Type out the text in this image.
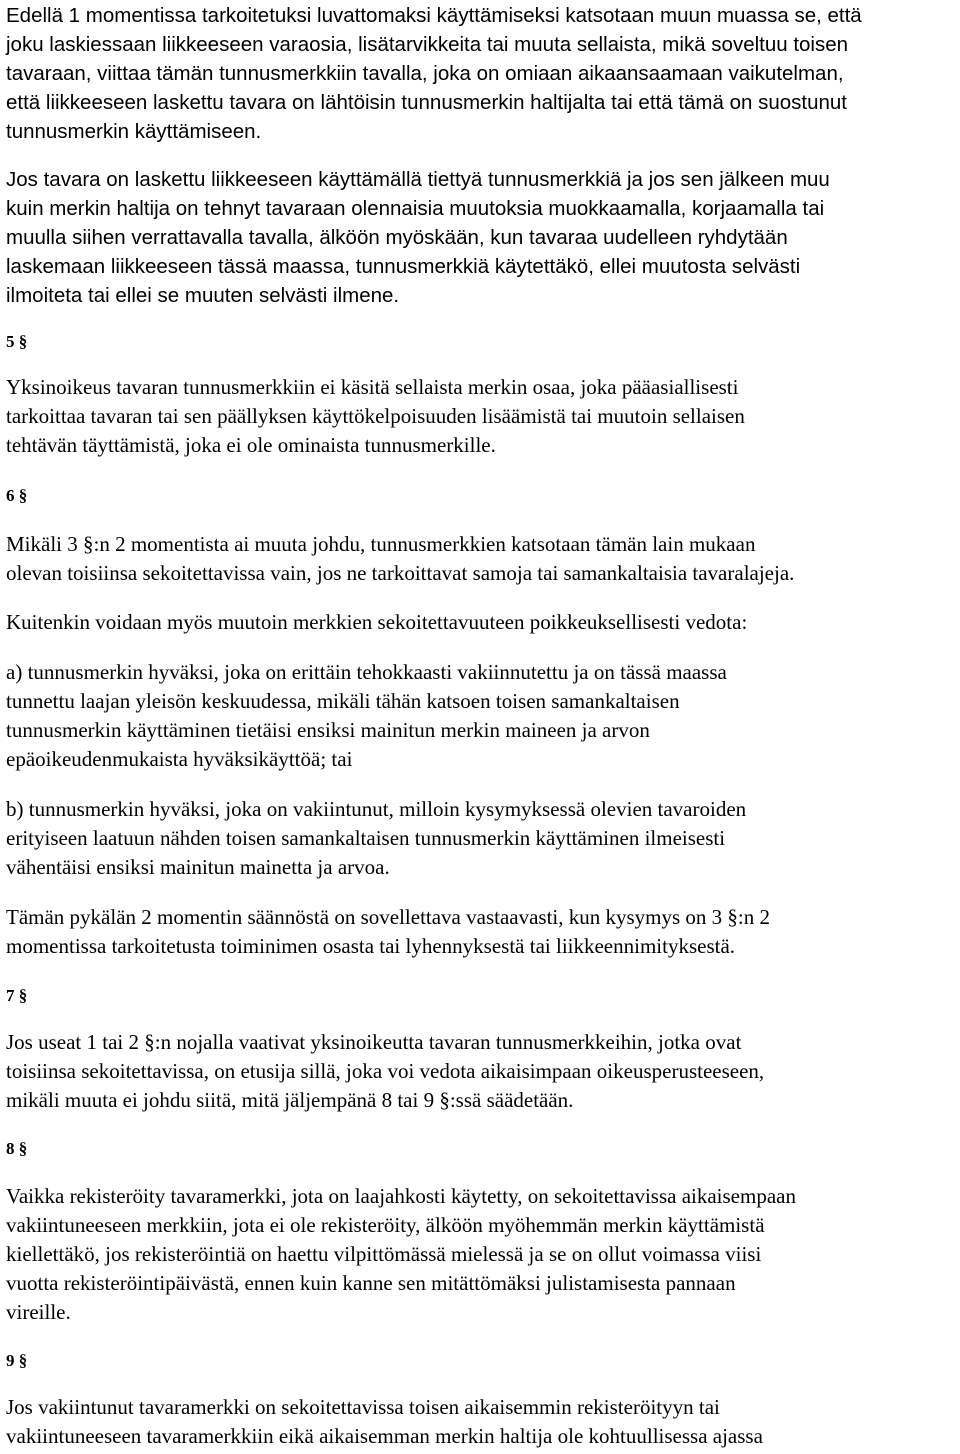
Edellä 1 momentissa tarkoitetuksi luvattomaksi käyttämiseksi katsotaan muun muassa se, että
joku laskiessaan liikkeeseen varaosia, lisätarvikkeita tai muuta sellaista, mikä soveltuu toisen
tavaraan, viittaa tämän tunnusmerkkiin tavalla, joka on omiaan aikaansaamaan vaikutelman,
että liikkeeseen laskettu tavara on lähtöisin tunnusmerkin haltijalta tai että tämä on suostunut
tunnusmerkin käyttämiseen.
Jos tavara on laskettu liikkeeseen käyttämällä tiettyä tunnusmerkkiä ja jos sen jälkeen muu
kuin merkin haltija on tehnyt tavaraan olennaisia muutoksia muokkaamalla, korjaamalla tai
muulla siihen verrattavalla tavalla, älköön myöskään, kun tavaraa uudelleen ryhdytään
laskemaan liikkeeseen tässä maassa, tunnusmerkkiä käytettäkö, ellei muutosta selvästi
ilmoiteta tai ellei se muuten selvästi ilmene.
5 §
Yksinoikeus tavaran tunnusmerkkiin ei käsitä sellaista merkin osaa, joka pääasiallisesti
tarkoittaa tavaran tai sen päällyksen käyttökelpoisuuden lisäämistä tai muutoin sellaisen
tehtävän täyttämistä, joka ei ole ominaista tunnusmerkille.
6 §
Mikäli 3 §:n 2 momentista ai muuta johdu, tunnusmerkkien katsotaan tämän lain mukaan
olevan toisiinsa sekoitettavissa vain, jos ne tarkoittavat samoja tai samankaltaisia tavaralajeja.
Kuitenkin voidaan myös muutoin merkkien sekoitettavuuteen poikkeuksellisesti vedota:
a) tunnusmerkin hyväksi, joka on erittäin tehokkaasti vakiinnutettu ja on tässä maassa
tunnettu laajan yleisön keskuudessa, mikäli tähän katsoen toisen samankaltaisen
tunnusmerkin käyttäminen tietäisi ensiksi mainitun merkin maineen ja arvon
epäoikeudenmukaista hyväksikäyttöä; tai
b) tunnusmerkin hyväksi, joka on vakiintunut, milloin kysymyksessä olevien tavaroiden
erityiseen laatuun nähden toisen samankaltaisen tunnusmerkin käyttäminen ilmeisesti
vähentäisi ensiksi mainitun mainetta ja arvoa.
Tämän pykälän 2 momentin säännöstä on sovellettava vastaavasti, kun kysymys on 3 §:n 2
momentissa tarkoitetusta toiminimen osasta tai lyhennyksestä tai liikkeennimityksestä.
7 §
Jos useat 1 tai 2 §:n nojalla vaativat yksinoikeutta tavaran tunnusmerkkeihin, jotka ovat
toisiinsa sekoitettavissa, on etusija sillä, joka voi vedota aikaisimpaan oikeusperusteeseen,
mikäli muuta ei johdu siitä, mitä jäljempänä 8 tai 9 §:ssä säädetään.
8 §
Vaikka rekisteröity tavaramerkki, jota on laajahkosti käytetty, on sekoitettavissa aikaisempaan
vakiintuneeseen merkkiin, jota ei ole rekisteröity, älköön myöhemmän merkin käyttämistä
kiellettäkö, jos rekisteröintiä on haettu vilpittömässä mielessä ja se on ollut voimassa viisi
vuotta rekisteröintipäivästä, ennen kuin kanne sen mitättömäksi julistamisesta pannaan
vireille.
9 §
Jos vakiintunut tavaramerkki on sekoitettavissa toisen aikaisemmin rekisteröityyn tai
vakiintuneeseen tavaramerkkiin eikä aikaisemman merkin haltija ole kohtuullisessa ajassa
